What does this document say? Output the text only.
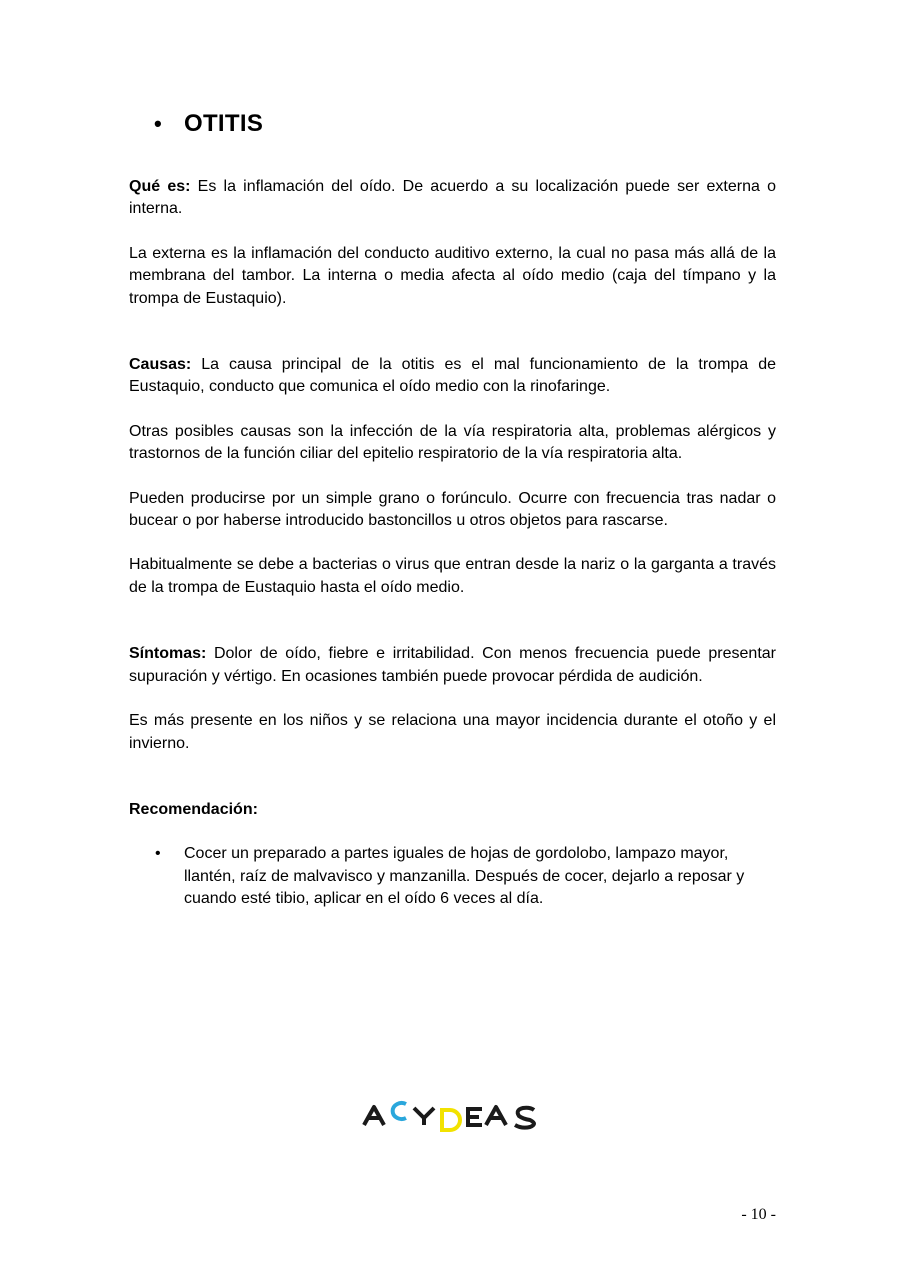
• OTITIS

Qué es: Es la inflamación del oído. De acuerdo a su localización puede ser externa o interna.

La externa es la inflamación del conducto auditivo externo, la cual no pasa más allá de la membrana del tambor. La interna o media afecta al oído medio (caja del tímpano y la trompa de Eustaquio).

Causas: La causa principal de la otitis es el mal funcionamiento de la trompa de Eustaquio, conducto que comunica el oído medio con la rinofaringe.

Otras posibles causas son la infección de la vía respiratoria alta, problemas alérgicos y trastornos de la función ciliar del epitelio respiratorio de la vía respiratoria alta.

Pueden producirse por un simple grano o forúnculo. Ocurre con frecuencia tras nadar o bucear o por haberse introducido bastoncillos u otros objetos para rascarse.

Habitualmente se debe a bacterias o virus que entran desde la nariz o la garganta a través de la trompa de Eustaquio hasta el oído medio.

Síntomas: Dolor de oído, fiebre e irritabilidad. Con menos frecuencia puede presentar supuración y vértigo. En ocasiones también puede provocar pérdida de audición.

Es más presente en los niños y se relaciona una mayor incidencia durante el otoño y el invierno.

Recomendación:

•	Cocer un preparado a partes iguales de hojas de gordolobo, lampazo mayor, llantén, raíz de malvavisco y manzanilla. Después de cocer, dejarlo a reposar y cuando esté tibio, aplicar en el oído 6 veces al día.
- 10 -
